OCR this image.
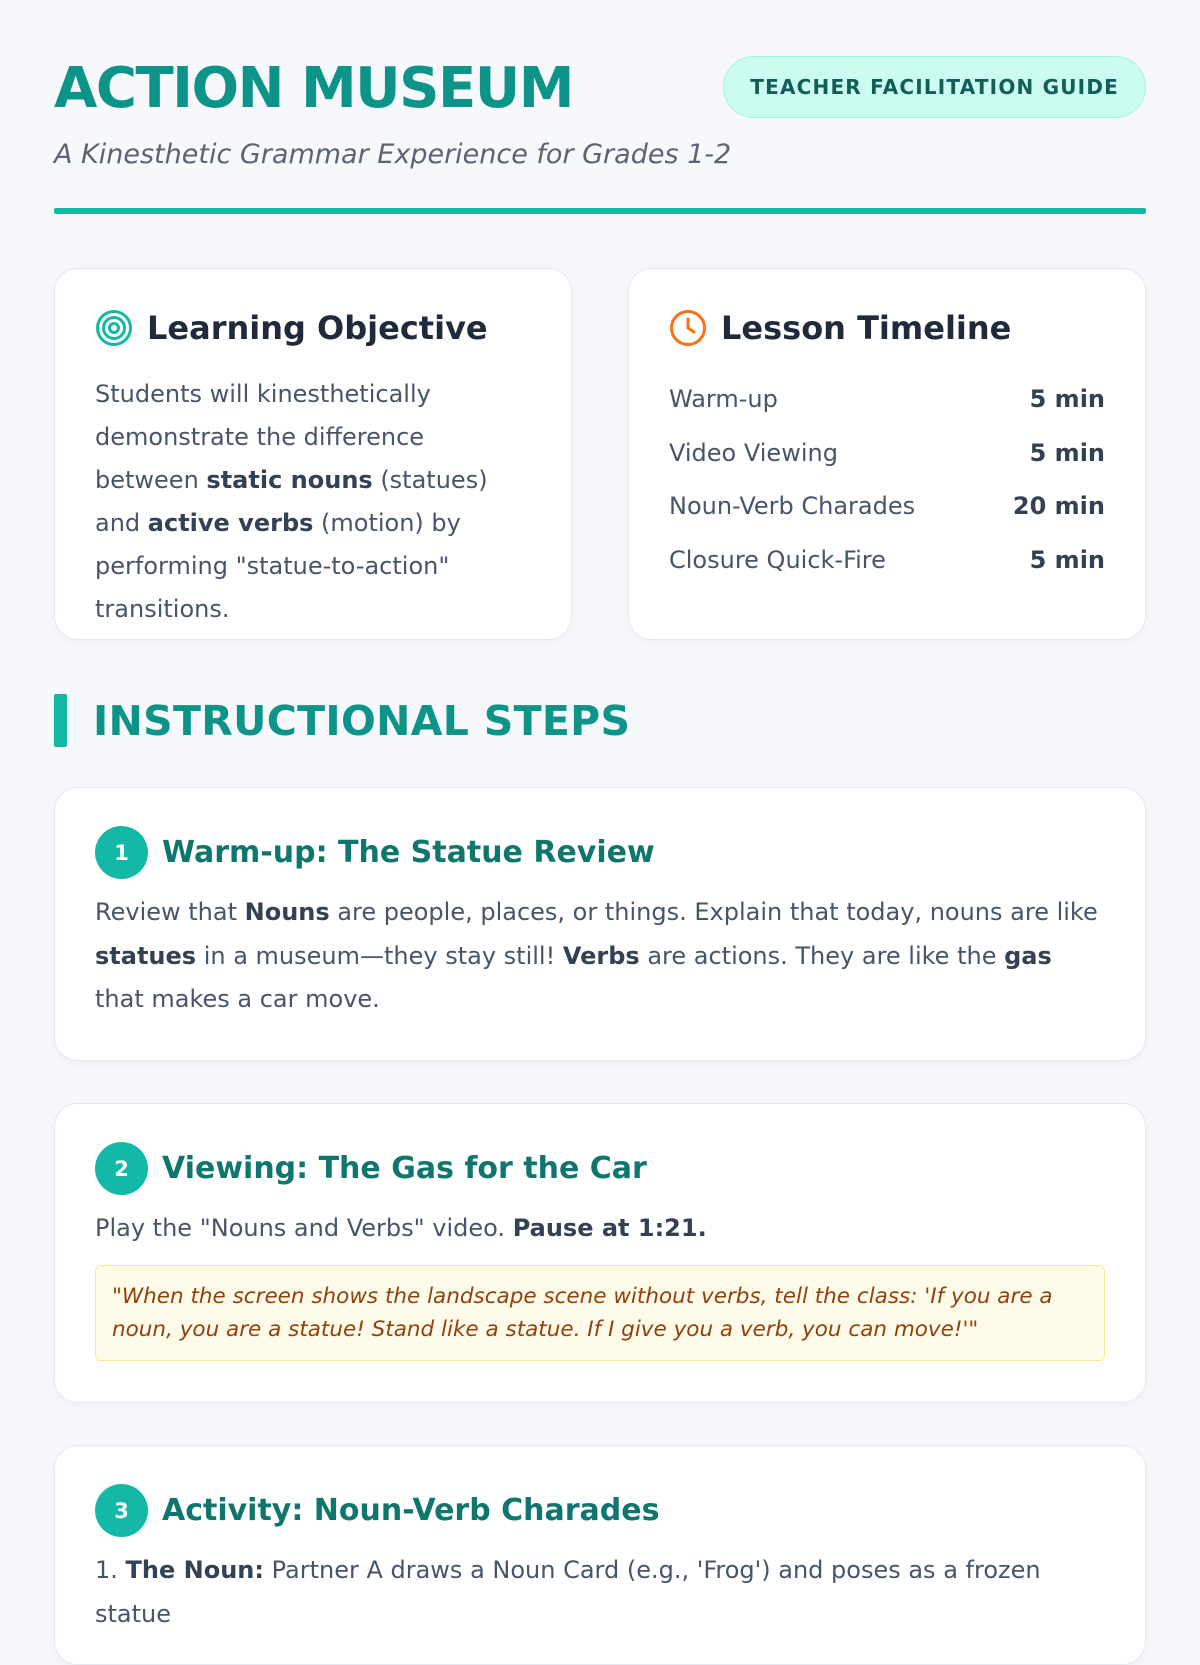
ACTION MUSEUM	TEACHER FACILITATION GUIDE

A Kinesthetic Grammar Experience for Grades 1-2

Learning Objective

Students will kinesthetically demonstrate the difference between static nouns (statues) and active verbs (motion) by performing "statue-to-action" transitions.

Lesson Timeline
Warm-up	5 min
Video Viewing	5 min
Noun-Verb Charades	20 min
Closure Quick-Fire	5 min
INSTRUCTIONAL STEPS
1	Warm-up: The Statue Review

Review that Nouns are people, places, or things. Explain that today, nouns are like statues in a museum—they stay still! Verbs are actions. They are like the gas that makes a car move.

2	Viewing: The Gas for the Car

Play the "Nouns and Verbs" video. Pause at 1:21.

"When the screen shows the landscape scene without verbs, tell the class: 'If you are a noun, you are a statue! Stand like a statue. If I give you a verb, you can move!'"
3	Activity: Noun-Verb Charades

1. The Noun: Partner A draws a Noun Card (e.g., 'Frog') and poses as a frozen statue
